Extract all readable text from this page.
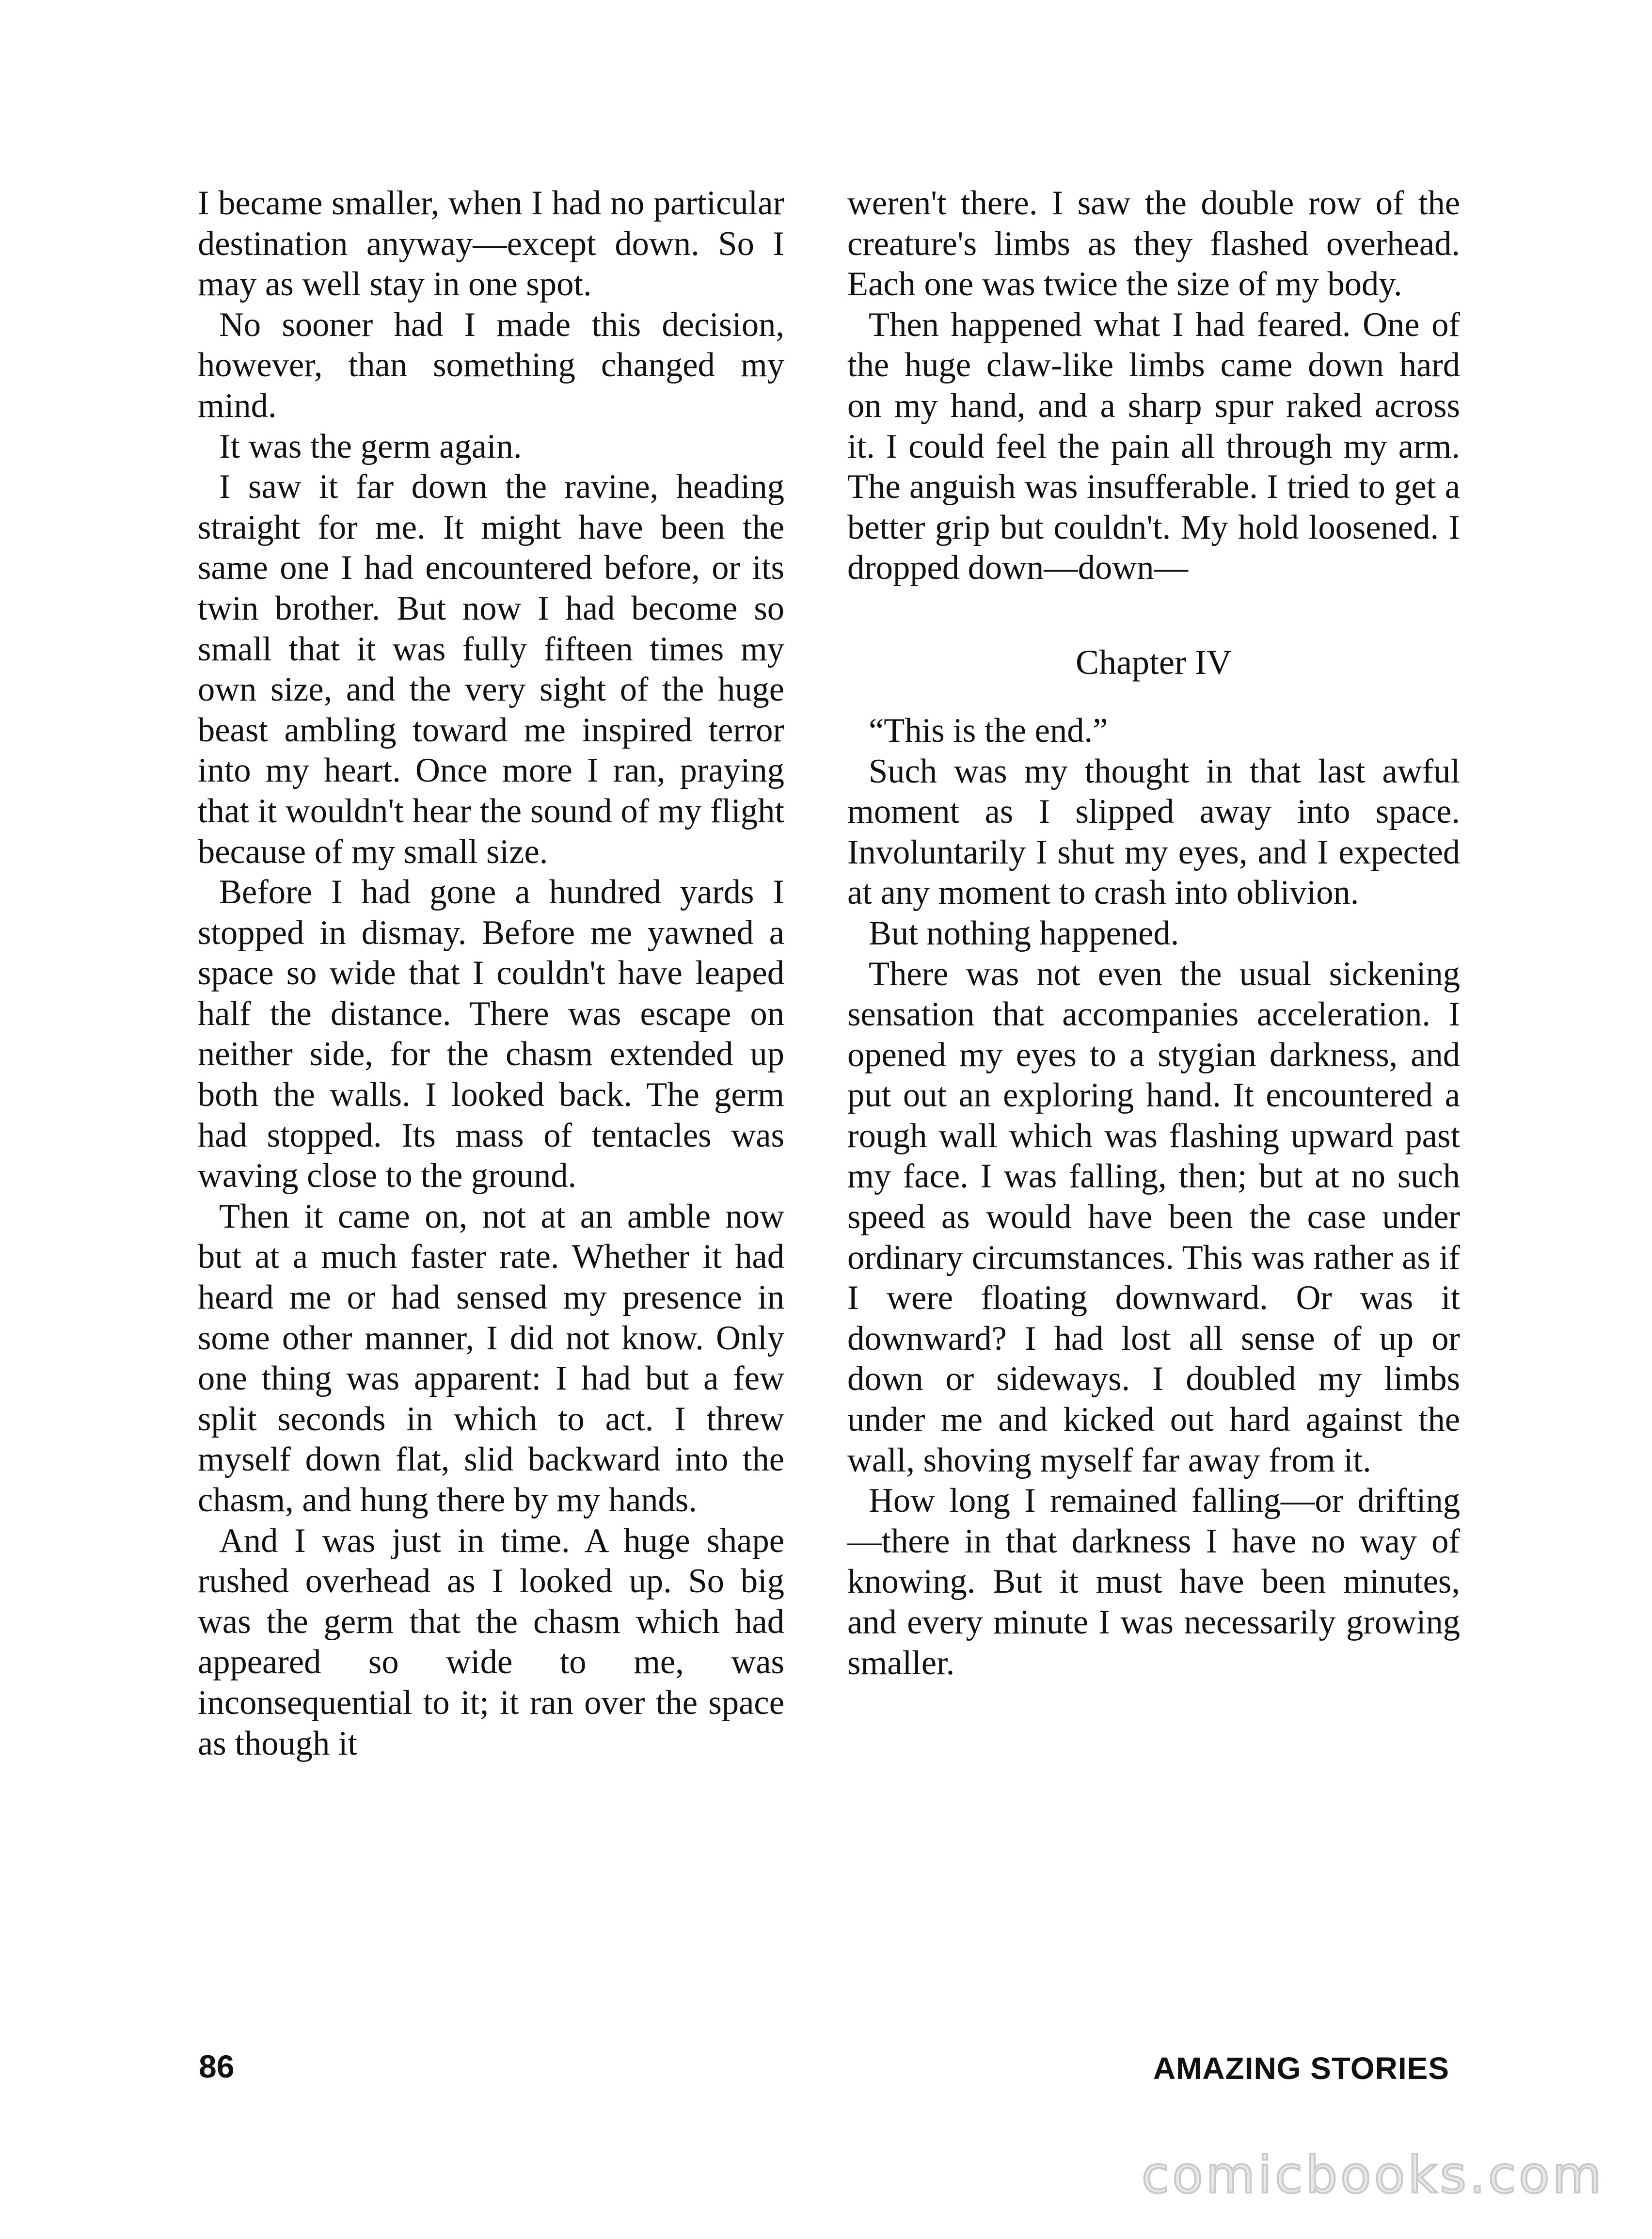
I became smaller, when I had no particular destination anyway—except down. So I may as well stay in one spot.

No sooner had I made this decision, however, than something changed my mind.

It was the germ again.

I saw it far down the ravine, heading straight for me. It might have been the same one I had encountered before, or its twin brother. But now I had become so small that it was fully fifteen times my own size, and the very sight of the huge beast ambling toward me inspired terror into my heart. Once more I ran, praying that it wouldn't hear the sound of my flight because of my small size.

Before I had gone a hundred yards I stopped in dismay. Before me yawned a space so wide that I couldn't have leaped half the distance. There was escape on neither side, for the chasm extended up both the walls. I looked back. The germ had stopped. Its mass of tentacles was waving close to the ground.

Then it came on, not at an amble now but at a much faster rate. Whether it had heard me or had sensed my presence in some other manner, I did not know. Only one thing was apparent: I had but a few split seconds in which to act. I threw myself down flat, slid backward into the chasm, and hung there by my hands.

And I was just in time. A huge shape rushed overhead as I looked up. So big was the germ that the chasm which had appeared so wide to me, was inconsequential to it; it ran over the space as though it

weren't there. I saw the double row of the creature's limbs as they flashed overhead. Each one was twice the size of my body.

Then happened what I had feared. One of the huge claw-like limbs came down hard on my hand, and a sharp spur raked across it. I could feel the pain all through my arm. The anguish was insufferable. I tried to get a better grip but couldn't. My hold loosened. I dropped down—down—

Chapter IV

“This is the end.”

Such was my thought in that last awful moment as I slipped away into space. Involuntarily I shut my eyes, and I expected at any moment to crash into oblivion.

But nothing happened.

There was not even the usual sickening sensation that accompanies acceleration. I opened my eyes to a stygian darkness, and put out an exploring hand. It encountered a rough wall which was flashing upward past my face. I was falling, then; but at no such speed as would have been the case under ordinary circumstances. This was rather as if I were floating downward. Or was it downward? I had lost all sense of up or down or sideways. I doubled my limbs under me and kicked out hard against the wall, shoving myself far away from it.

How long I remained falling—or drifting—there in that darkness I have no way of knowing. But it must have been minutes, and every minute I was necessarily growing smaller.

86	AMAZING STORIES
comicbooks.com
